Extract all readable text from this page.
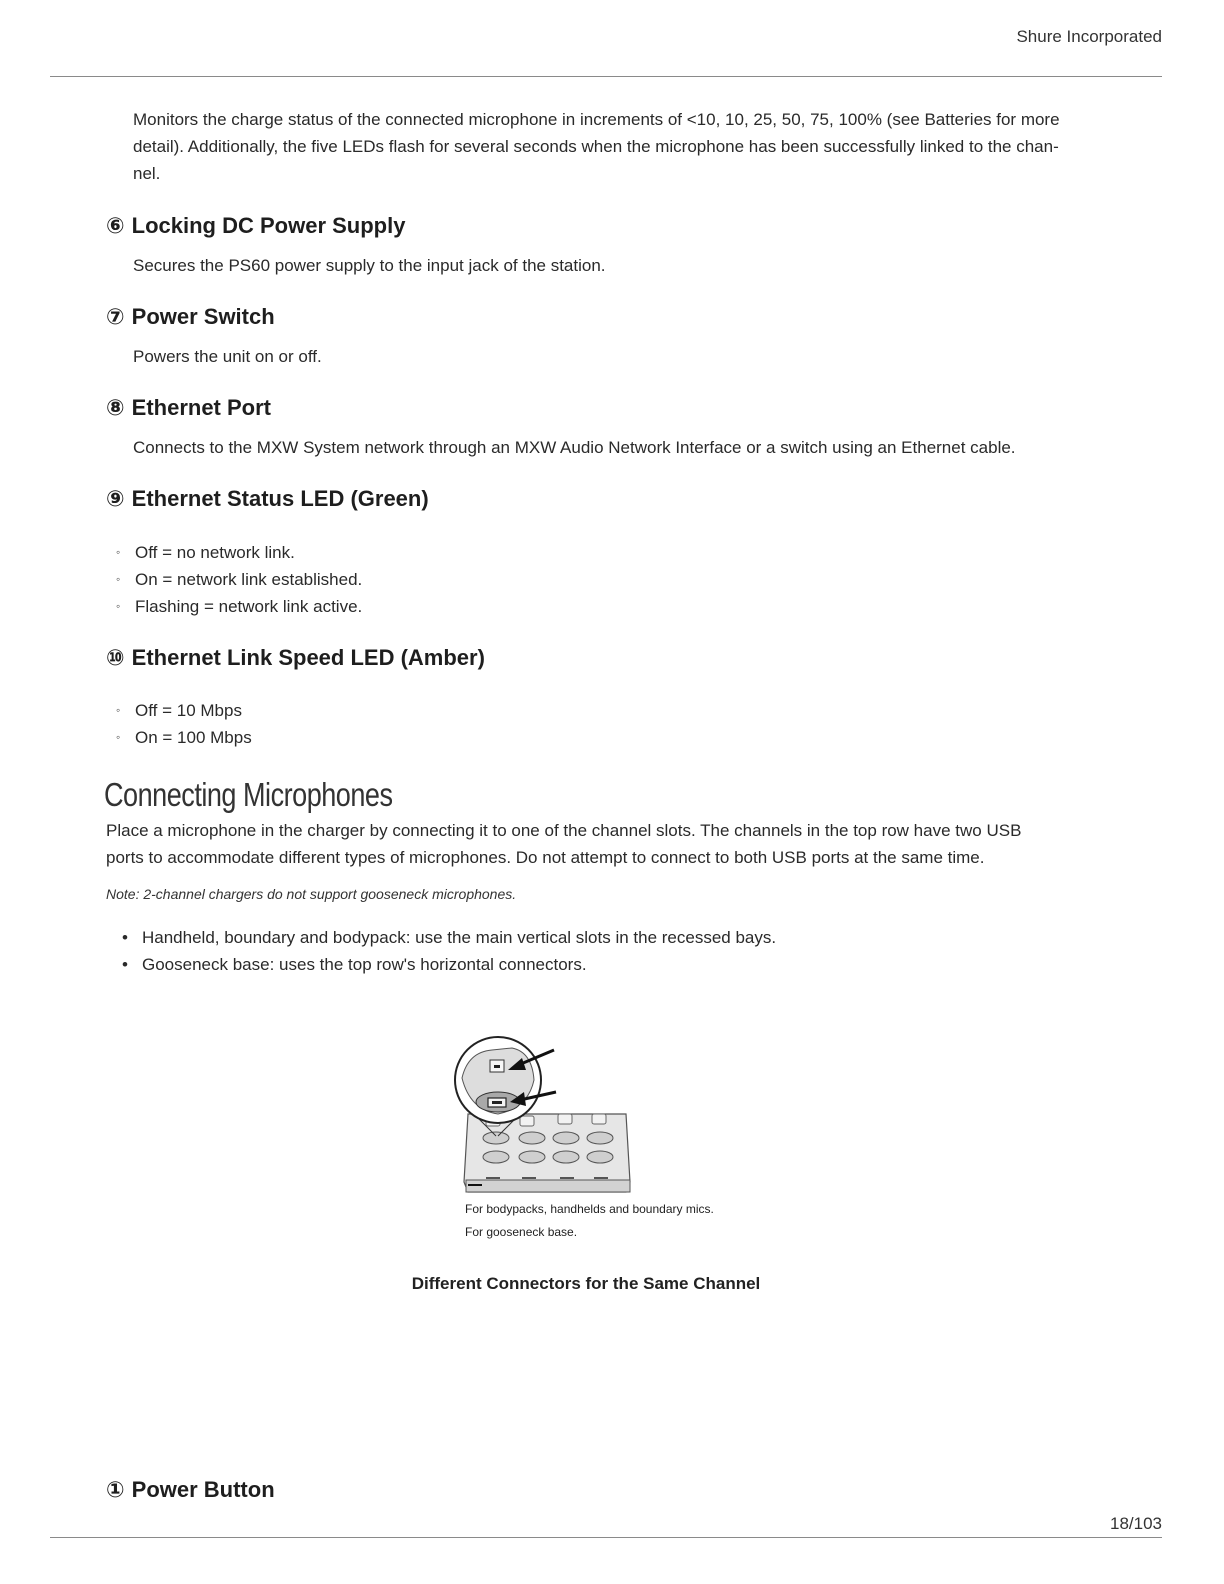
Shure Incorporated

Monitors the charge status of the connected microphone in increments of <10, 10, 25, 50, 75, 100% (see Batteries for more
detail). Additionally, the five LEDs flash for several seconds when the microphone has been successfully linked to the chan-
nel.

⑥ Locking DC Power Supply

Secures the PS60 power supply to the input jack of the station.

⑦ Power Switch

Powers the unit on or off.

⑧ Ethernet Port

Connects to the MXW System network through an MXW Audio Network Interface or a switch using an Ethernet cable.

⑨ Ethernet Status LED (Green)
◦ Off = no network link.
◦ On = network link established.
◦ Flashing = network link active.
⑩ Ethernet Link Speed LED (Amber)
◦ Off = 10 Mbps
◦ On = 100 Mbps
Connecting Microphones

Place a microphone in the charger by connecting it to one of the channel slots. The channels in the top row have two USB
ports to accommodate different types of microphones. Do not attempt to connect to both USB ports at the same time.

Note: 2-channel chargers do not support gooseneck microphones.

• Handheld, boundary and bodypack: use the main vertical slots in the recessed bays.
• Gooseneck base: uses the top row's horizontal connectors.

For bodypacks, handhelds and boundary mics.

For gooseneck base.

Different Connectors for the Same Channel

① Power Button
18/103
